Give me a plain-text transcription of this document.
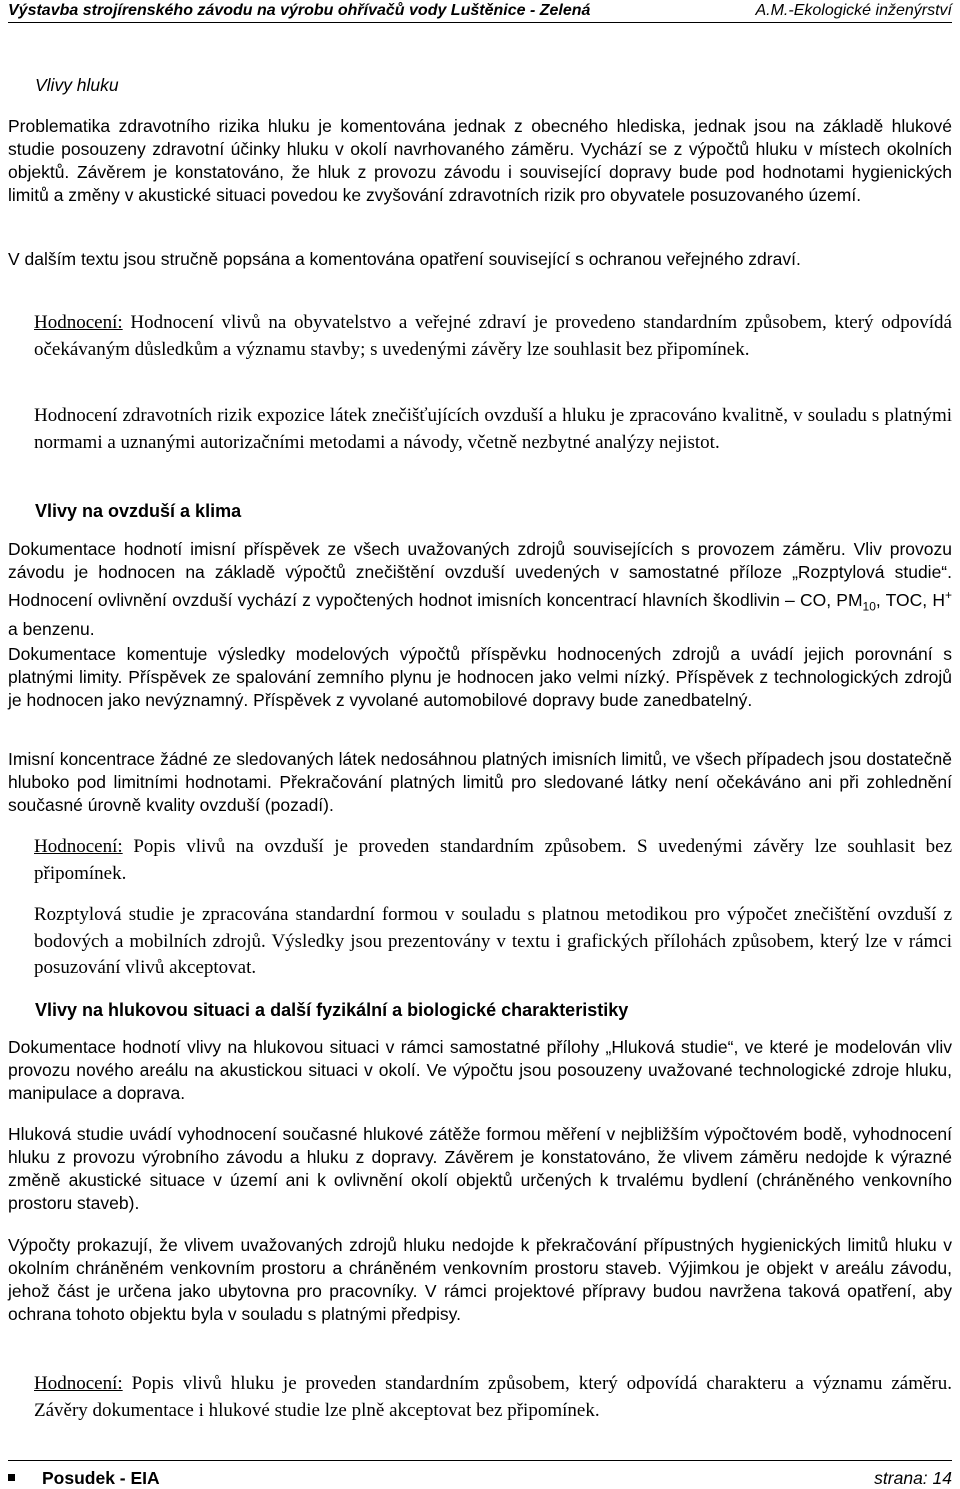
Výstavba strojírenského závodu na výrobu ohřívačů vody Luštěnice - Zelená	A.M.-Ekologické inženýrství
Vlivy hluku

Problematika zdravotního rizika hluku je komentována jednak z obecného hlediska, jednak jsou na základě hlukové studie posouzeny zdravotní účinky hluku v okolí navrhovaného záměru. Vychází se z výpočtů hluku v místech okolních objektů. Závěrem je konstatováno, že hluk z provozu závodu i související dopravy bude pod hodnotami hygienických limitů a změny v akustické situaci povedou ke zvyšování zdravotních rizik pro obyvatele posuzovaného území.

V dalším textu jsou stručně popsána a komentována opatření související s ochranou veřejného zdraví.

Hodnocení: Hodnocení vlivů na obyvatelstvo a veřejné zdraví je provedeno standardním způsobem, který odpovídá očekávaným důsledkům a významu stavby; s uvedenými závěry lze souhlasit bez připomínek.

Hodnocení zdravotních rizik expozice látek znečišťujících ovzduší a hluku je zpracováno kvalitně, v souladu s platnými normami a uznanými autorizačními metodami a návody, včetně nezbytné analýzy nejistot.

Vlivy na ovzduší a klima

Dokumentace hodnotí imisní příspěvek ze všech uvažovaných zdrojů souvisejících s provozem záměru. Vliv provozu závodu je hodnocen na základě výpočtů znečištění ovzduší uvedených v samostatné příloze „Rozptylová studie“. Hodnocení ovlivnění ovzduší vychází z vypočtených hodnot imisních koncentrací hlavních škodlivin – CO, $PM_{10}$, TOC, H+ a benzenu.

Dokumentace komentuje výsledky modelových výpočtů příspěvku hodnocených zdrojů a uvádí jejich porovnání s platnými limity. Příspěvek ze spalování zemního plynu je hodnocen jako velmi nízký. Příspěvek z technologických zdrojů je hodnocen jako nevýznamný. Příspěvek z vyvolané automobilové dopravy bude zanedbatelný.

Imisní koncentrace žádné ze sledovaných látek nedosáhnou platných imisních limitů, ve všech případech jsou dostatečně hluboko pod limitními hodnotami. Překračování platných limitů pro sledované látky není očekáváno ani při zohlednění současné úrovně kvality ovzduší (pozadí).

Hodnocení: Popis vlivů na ovzduší je proveden standardním způsobem. S uvedenými závěry lze souhlasit bez připomínek.

Rozptylová studie je zpracována standardní formou v souladu s platnou metodikou pro výpočet znečištění ovzduší z bodových a mobilních zdrojů. Výsledky jsou prezentovány v textu i grafických přílohách způsobem, který lze v rámci posuzování vlivů akceptovat.

Vlivy na hlukovou situaci a další fyzikální a biologické charakteristiky

Dokumentace hodnotí vlivy na hlukovou situaci v rámci samostatné přílohy „Hluková studie“, ve které je modelován vliv provozu nového areálu na akustickou situaci v okolí. Ve výpočtu jsou posouzeny uvažované technologické zdroje hluku, manipulace a doprava.

Hluková studie uvádí vyhodnocení současné hlukové zátěže formou měření v nejbližším výpočtovém bodě, vyhodnocení hluku z provozu výrobního závodu a hluku z dopravy. Závěrem je konstatováno, že vlivem záměru nedojde k výrazné změně akustické situace v území ani k ovlivnění okolí objektů určených k trvalému bydlení (chráněného venkovního prostoru staveb).

Výpočty prokazují, že vlivem uvažovaných zdrojů hluku nedojde k překračování přípustných hygienických limitů hluku v okolním chráněném venkovním prostoru a chráněném venkovním prostoru staveb. Výjimkou je objekt v areálu závodu, jehož část je určena jako ubytovna pro pracovníky. V rámci projektové přípravy budou navržena taková opatření, aby ochrana tohoto objektu byla v souladu s platnými předpisy.

Hodnocení: Popis vlivů hluku je proveden standardním způsobem, který odpovídá charakteru a významu záměru. Závěry dokumentace i hlukové studie lze plně akceptovat bez připomínek.

Posudek - EIA	strana: 14
